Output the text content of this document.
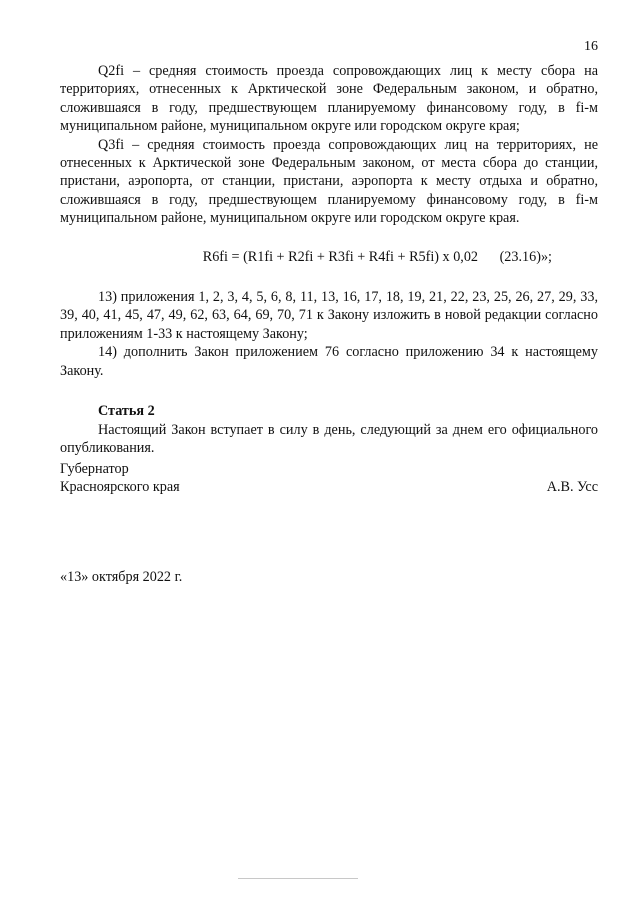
16

Q2fi – средняя стоимость проезда сопровождающих лиц к месту сбора на территориях, отнесенных к Арктической зоне Федеральным законом, и обратно, сложившаяся в году, предшествующем планируемому финансовому году, в fi-м муниципальном районе, муниципальном округе или городском округе края;

Q3fi – средняя стоимость проезда сопровождающих лиц на территориях, не отнесенных к Арктической зоне Федеральным законом, от места сбора до станции, пристани, аэропорта, от станции, пристани, аэропорта к месту отдыха и обратно, сложившаяся в году, предшествующем планируемому финансовому году, в fi-м муниципальном районе, муниципальном округе или городском округе края.

R6fi = (R1fi + R2fi + R3fi + R4fi + R5fi) x 0,02 (23.16)»;

13) приложения 1, 2, 3, 4, 5, 6, 8, 11, 13, 16, 17, 18, 19, 21, 22, 23, 25, 26, 27, 29, 33, 39, 40, 41, 45, 47, 49, 62, 63, 64, 69, 70, 71 к Закону изложить в новой редакции согласно приложениям 1-33 к настоящему Закону;

14) дополнить Закон приложением 76 согласно приложению 34 к настоящему Закону.

Статья 2

Настоящий Закон вступает в силу в день, следующий за днем его официального опубликования.

Губернатор
Красноярского края	А.В. Усс
«13» октября 2022 г.
